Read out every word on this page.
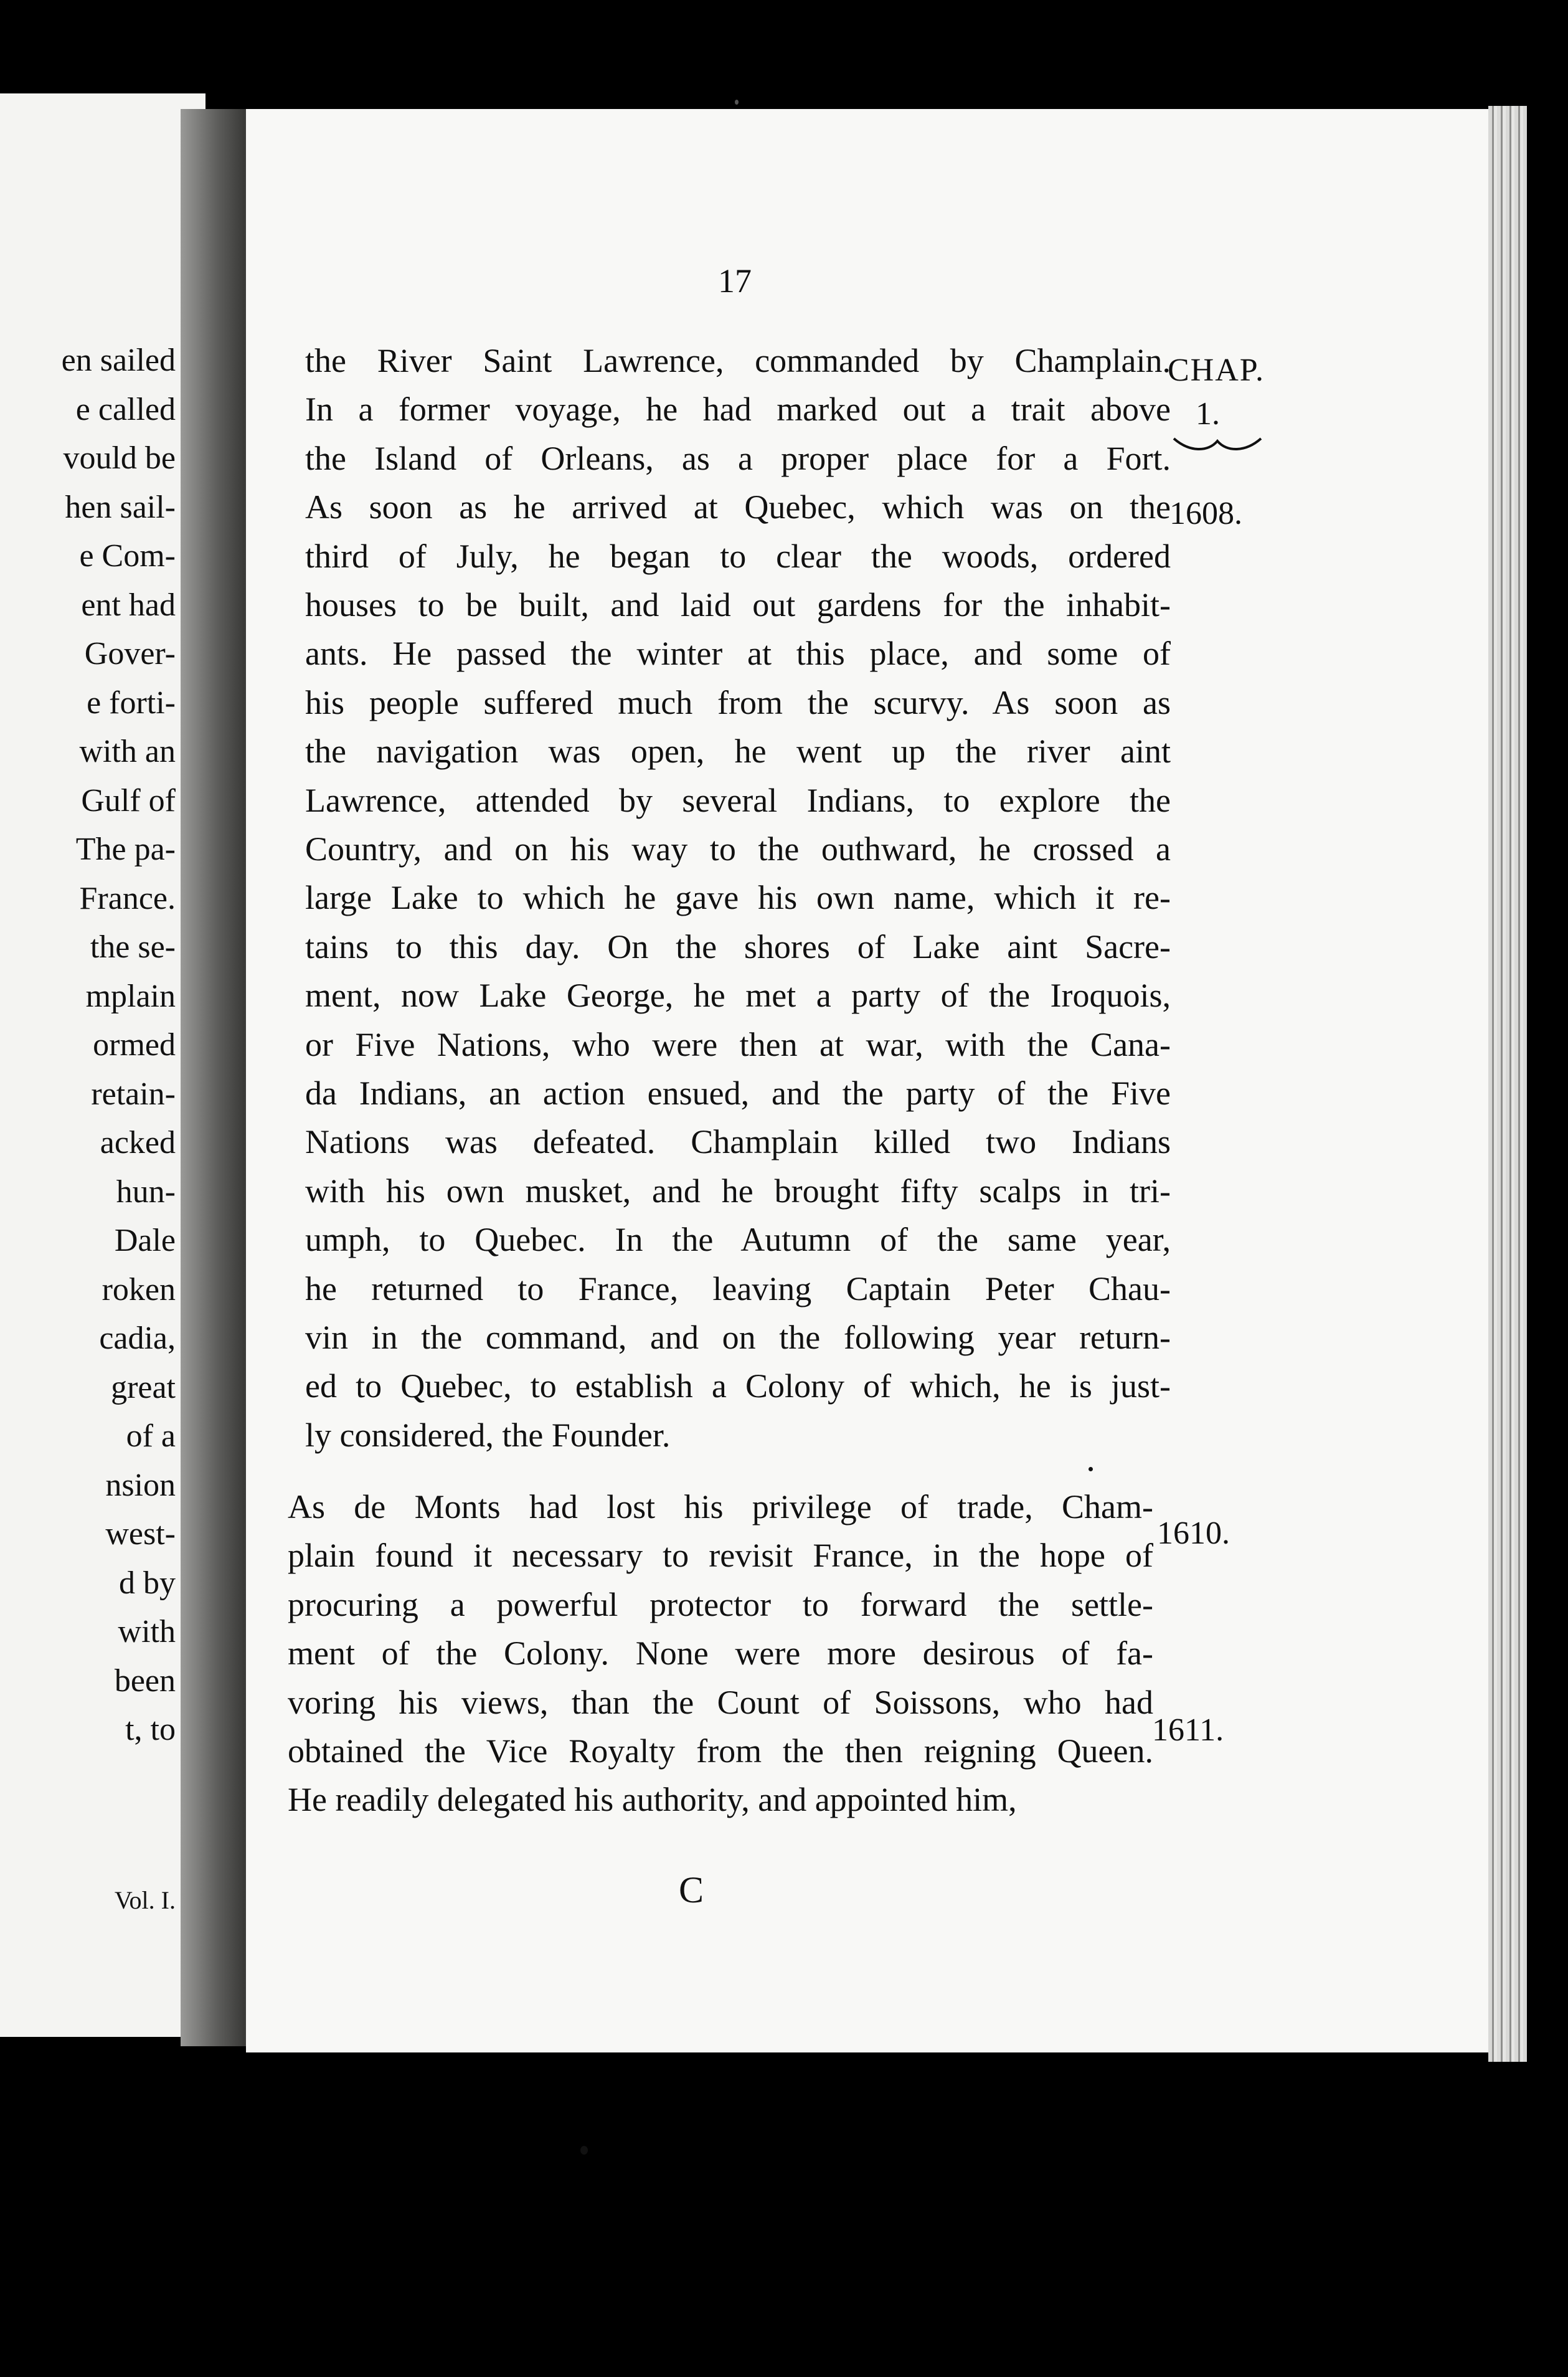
en sailed
e called
vould be
hen sail-
e Com-
ent had
Gover-
e forti-
with an
Gulf of
The pa-
France.
the se-
mplain
ormed
retain-
acked
hun-
Dale
roken
cadia,
great
of a
nsion
west-
d by
with
been
t, to
Vol. I.
17
CHAP.
1.
1608.
1610.
1611.
the River Saint Lawrence, commanded by Champlain.
In a former voyage, he had marked out a trait above
the Island of Orleans, as a proper place for a Fort.
As soon as he arrived at Quebec, which was on the
third of July, he began to clear the woods, ordered
houses to be built, and laid out gardens for the inhabit-
ants. He passed the winter at this place, and some of
his people suffered much from the scurvy. As soon as
the navigation was open, he went up the river aint
Lawrence, attended by several Indians, to explore the
Country, and on his way to the outhward, he crossed a
large Lake to which he gave his own name, which it re-
tains to this day. On the shores of Lake aint Sacre-
ment, now Lake George, he met a party of the Iroquois,
or Five Nations, who were then at war, with the Cana-
da Indians, an action ensued, and the party of the Five
Nations was defeated. Champlain killed two Indians
with his own musket, and he brought fifty scalps in tri-
umph, to Quebec. In the Autumn of the same year,
he returned to France, leaving Captain Peter Chau-
vin in the command, and on the following year return-
ed to Quebec, to establish a Colony of which, he is just-
ly considered, the Founder.
As de Monts had lost his privilege of trade, Cham-
plain found it necessary to revisit France, in the hope of
procuring a powerful protector to forward the settle-
ment of the Colony. None were more desirous of fa-
voring his views, than the Count of Soissons, who had
obtained the Vice Royalty from the then reigning Queen.
He readily delegated his authority, and appointed him,
C
